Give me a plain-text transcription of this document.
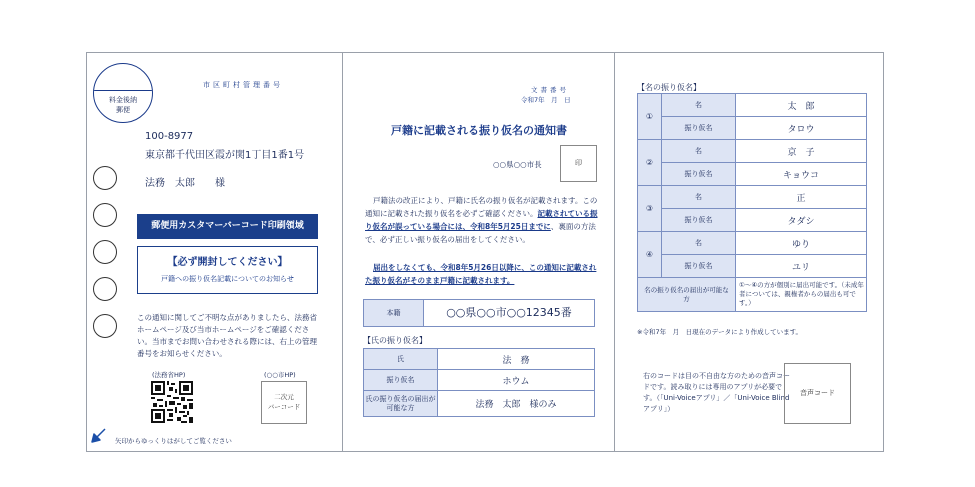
料金後納
郵便
市区町村管理番号
100-8977
東京都千代田区霞が関1丁目1番1号
法務　太郎　　様
郵便用カスタマーバーコード印刷領域
【必ず開封してください】
戸籍への振り仮名記載についてのお知らせ
この通知に関してご不明な点がありましたら、法務省ホームページ及び当市ホームページをご確認ください。当市までお問い合わせされる際には、右上の管理番号をお知らせください。
(法務省HP)	(○○市HP)
二次元
バーコード
矢印からゆっくりはがしてご覧ください
文書番号
令和7年　月　日
戸籍に記載される振り仮名の通知書
○○県○○市長	印
戸籍法の改正により、戸籍に氏名の振り仮名が記載されます。この通知に記載された振り仮名を必ずご確認ください。記載されている振り仮名が誤っている場合には、令和8年5月25日までに、裏面の方法で、必ず正しい振り仮名の届出をしてください。
届出をしなくても、令和8年5月26日以降に、この通知に記載された振り仮名がそのまま戸籍に記載されます。
本籍	○○県○○市○○12345番
【氏の振り仮名】
氏	法　務
振り仮名	ホウム
氏の振り仮名の届出が可能な方	法務　太郎　様のみ
【名の振り仮名】
①	名	太　郎
	振り仮名	タロウ
②	名	京　子
	振り仮名	キョウコ
③	名	正
	振り仮名	タダシ
④	名	ゆり
	振り仮名	ユリ
名の振り仮名の届出が可能な方		①〜④の方が個別に届出可能です。（未成年者については、親権者からの届出も可です。）
※令和7年　月　日現在のデータにより作成しています。
右のコードは目の不自由な方のための音声コードです。読み取りには専用のアプリが必要です。（「Uni-Voiceアプリ」／「Uni-Voice Blindアプリ」）
音声コード
